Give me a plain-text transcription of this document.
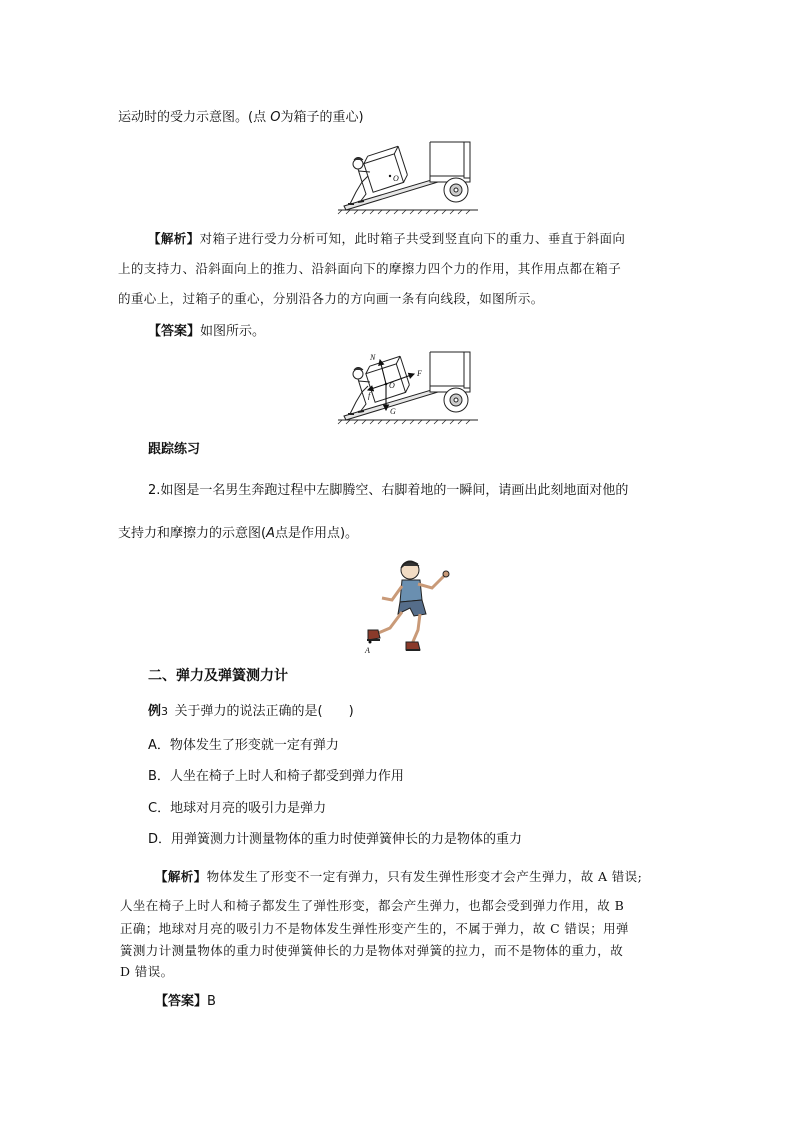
运动时的受力示意图。(点 O为箱子的重心)
O
【解析】对箱子进行受力分析可知，此时箱子共受到竖直向下的重力、垂直于斜面向
上的支持力、沿斜面向上的推力、沿斜面向下的摩擦力四个力的作用，其作用点都在箱子
的重心上，过箱子的重心，分别沿各力的方向画一条有向线段，如图所示。
【答案】如图所示。
N
O
F
f
G
跟踪练习
2.如图是一名男生奔跑过程中左脚腾空、右脚着地的一瞬间，请画出此刻地面对他的
支持力和摩擦力的示意图(A点是作用点)。
A
二、弹力及弹簧测力计
例3  关于弹力的说法正确的是(　　)
A．物体发生了形变就一定有弹力
B．人坐在椅子上时人和椅子都受到弹力作用
C．地球对月亮的吸引力是弹力
D．用弹簧测力计测量物体的重力时使弹簧伸长的力是物体的重力
【解析】物体发生了形变不一定有弹力，只有发生弹性形变才会产生弹力，故 A 错误;
人坐在椅子上时人和椅子都发生了弹性形变，都会产生弹力，也都会受到弹力作用，故 B
正确；地球对月亮的吸引力不是物体发生弹性形变产生的，不属于弹力，故 C 错误；用弹
簧测力计测量物体的重力时使弹簧伸长的力是物体对弹簧的拉力，而不是物体的重力，故
D 错误。
【答案】B
